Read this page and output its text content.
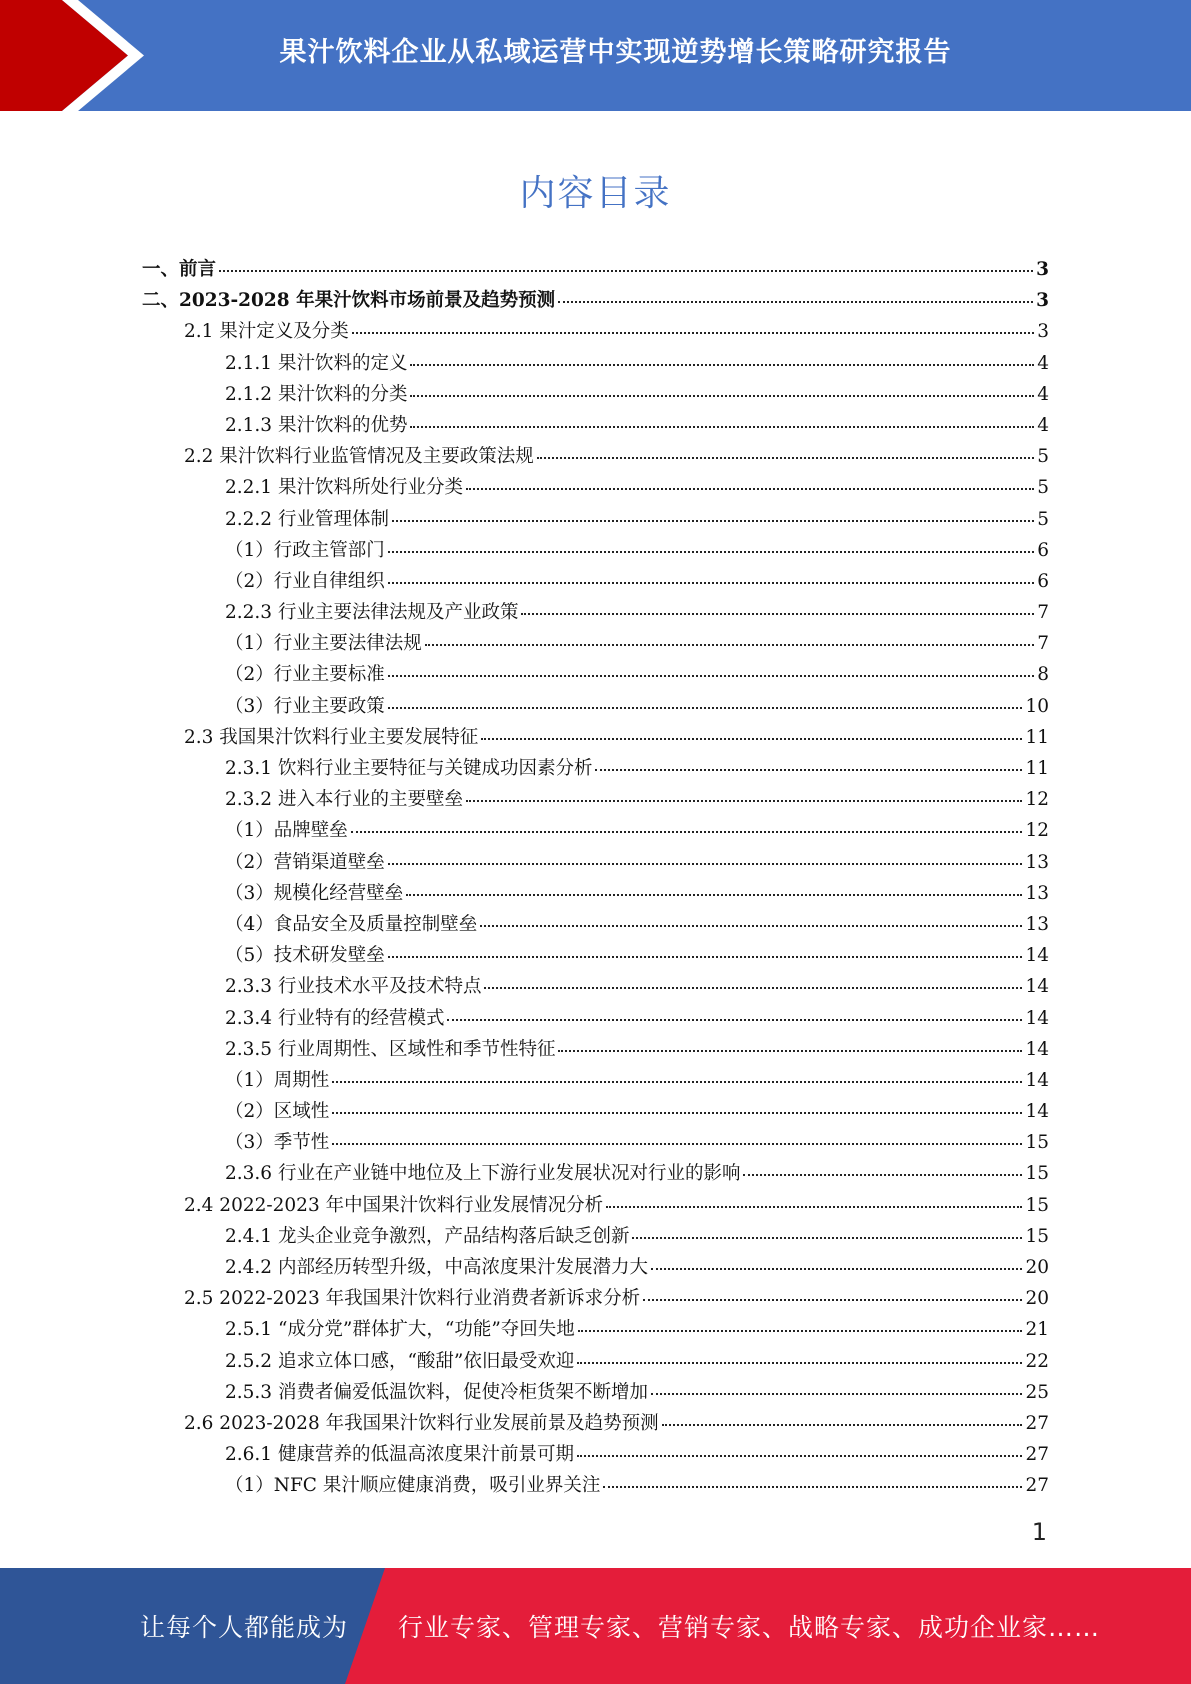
果汁饮料企业从私域运营中实现逆势增长策略研究报告
内容目录
一、前言	3
二、2023-2028 年果汁饮料市场前景及趋势预测	3
2.1 果汁定义及分类	3
2.1.1 果汁饮料的定义	4
2.1.2 果汁饮料的分类	4
2.1.3 果汁饮料的优势	4
2.2 果汁饮料行业监管情况及主要政策法规	5
2.2.1 果汁饮料所处行业分类	5
2.2.2 行业管理体制	5
（1）行政主管部门	6
（2）行业自律组织	6
2.2.3 行业主要法律法规及产业政策	7
（1）行业主要法律法规	7
（2）行业主要标准	8
（3）行业主要政策	10
2.3 我国果汁饮料行业主要发展特征	11
2.3.1 饮料行业主要特征与关键成功因素分析	11
2.3.2 进入本行业的主要壁垒	12
（1）品牌壁垒	12
（2）营销渠道壁垒	13
（3）规模化经营壁垒	13
（4）食品安全及质量控制壁垒	13
（5）技术研发壁垒	14
2.3.3 行业技术水平及技术特点	14
2.3.4 行业特有的经营模式	14
2.3.5 行业周期性、区域性和季节性特征	14
（1）周期性	14
（2）区域性	14
（3）季节性	15
2.3.6 行业在产业链中地位及上下游行业发展状况对行业的影响	15
2.4 2022-2023 年中国果汁饮料行业发展情况分析	15
2.4.1 龙头企业竞争激烈，产品结构落后缺乏创新	15
2.4.2 内部经历转型升级，中高浓度果汁发展潜力大	20
2.5 2022-2023 年我国果汁饮料行业消费者新诉求分析	20
2.5.1 “成分党”群体扩大，“功能”夺回失地	21
2.5.2 追求立体口感，“酸甜”依旧最受欢迎	22
2.5.3 消费者偏爱低温饮料，促使冷柜货架不断增加	25
2.6 2023-2028 年我国果汁饮料行业发展前景及趋势预测	27
2.6.1 健康营养的低温高浓度果汁前景可期	27
（1）NFC 果汁顺应健康消费，吸引业界关注	27
1
让每个人都能成为 行业专家、管理专家、营销专家、战略专家、成功企业家……
